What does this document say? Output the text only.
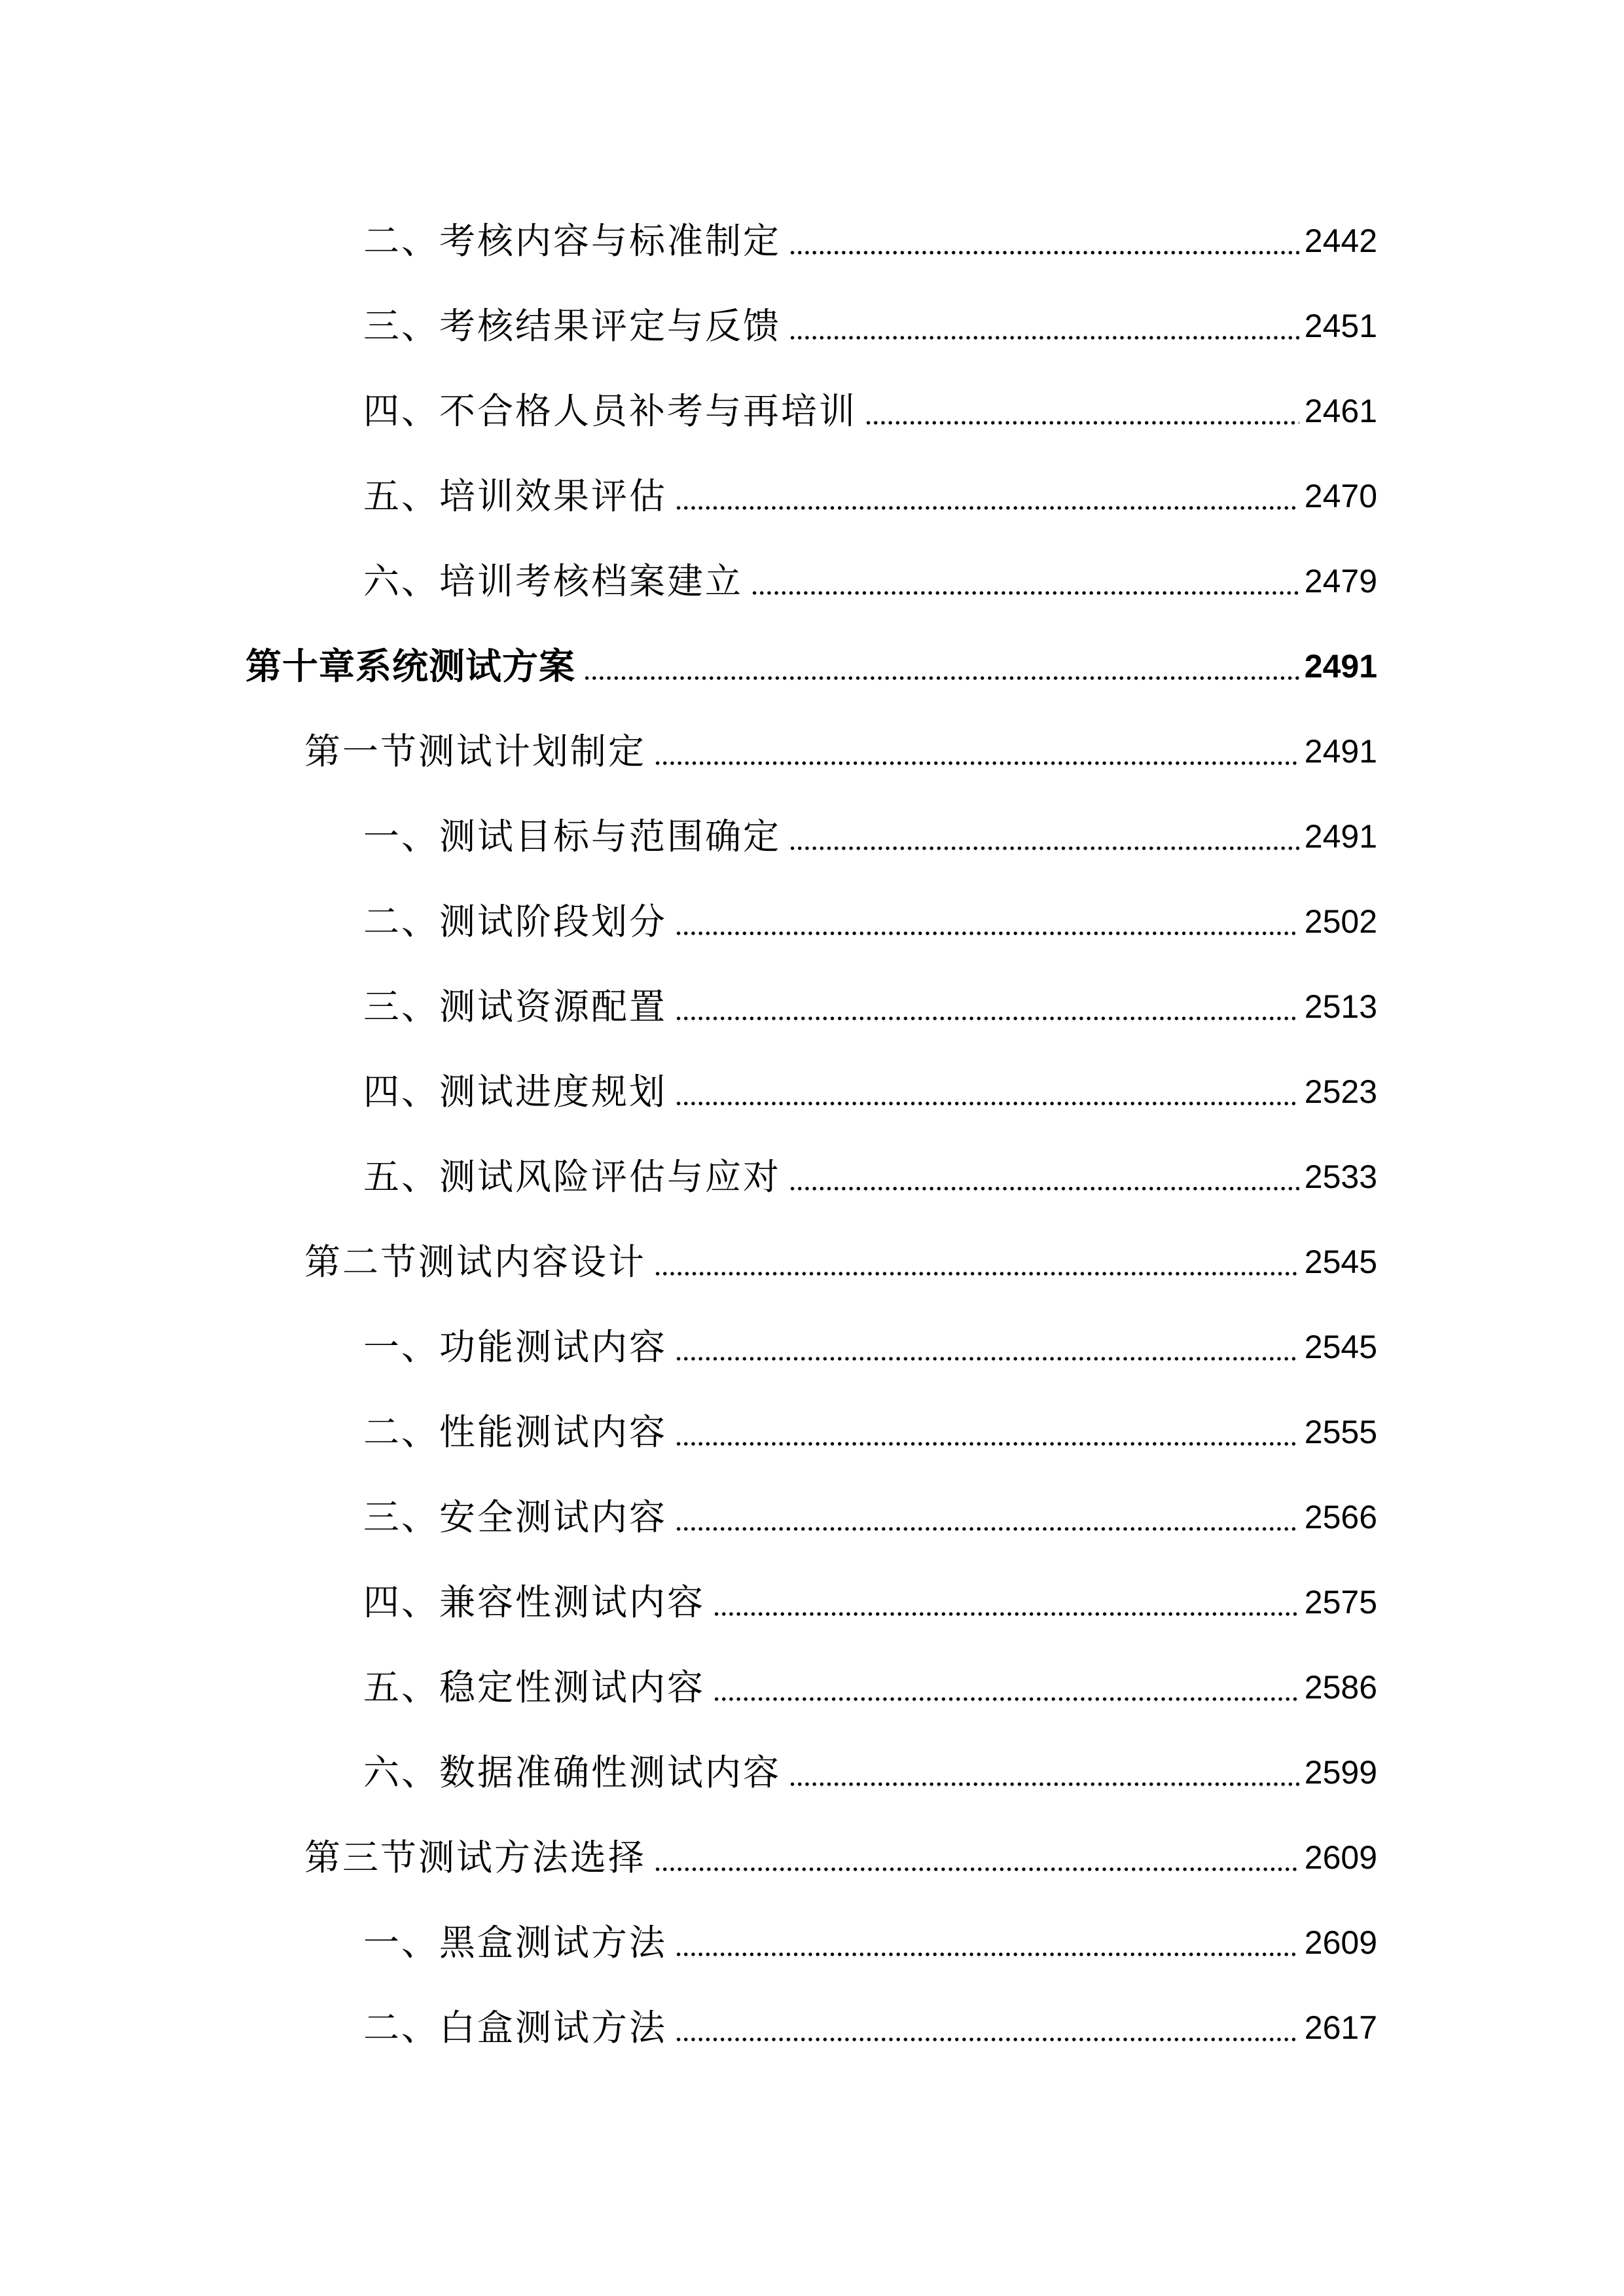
二、考核内容与标准制定	2442
三、考核结果评定与反馈	2451
四、不合格人员补考与再培训	2461
五、培训效果评估	2470
六、培训考核档案建立	2479
第十章系统测试方案	2491
第一节测试计划制定	2491
一、测试目标与范围确定	2491
二、测试阶段划分	2502
三、测试资源配置	2513
四、测试进度规划	2523
五、测试风险评估与应对	2533
第二节测试内容设计	2545
一、功能测试内容	2545
二、性能测试内容	2555
三、安全测试内容	2566
四、兼容性测试内容	2575
五、稳定性测试内容	2586
六、数据准确性测试内容	2599
第三节测试方法选择	2609
一、黑盒测试方法	2609
二、白盒测试方法	2617
